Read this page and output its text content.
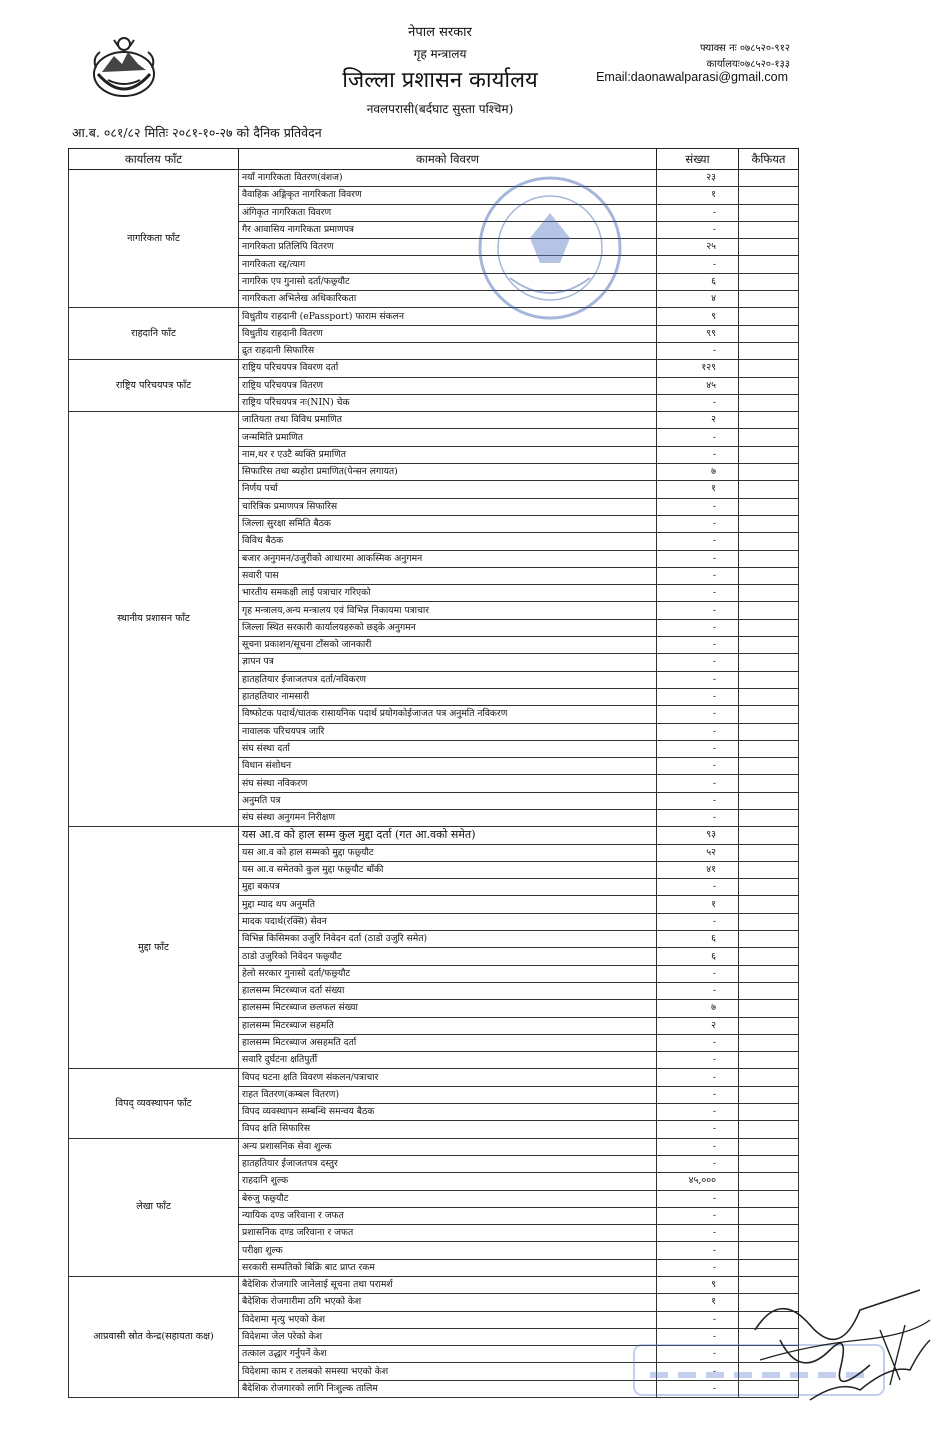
नेपाल सरकार
गृह मन्त्रालय
जिल्ला प्रशासन कार्यालय
नवलपरासी(बर्दघाट सुस्ता पश्चिम)
फ्याक्स नः ०७८५२०-९१२
कार्यालयः०७८५२०-१३३
Email:daonawalparasi@gmail.com
आ.ब. ०८१/८२ मितिः २०८१-१०-२७ को दैनिक प्रतिवेदन
कार्यालय फाँट	कामको विवरण	संख्या	कैफियत
नागरिकता फाँट	नयाँ नागरिकता वितरण(वंशज)	२३	
	वैवाहिक अङ्गिकृत नागरिकता विवरण	१	
	अंगिकृत नागरिकता विवरण	-	
	गैर आवासिय नागरिकता प्रमाणपत्र	-	
	नागरिकता प्रतिलिपि वितरण	२५	
	नागरिकता रद्द/त्याग	-	
	नागरिक एप गुनासो दर्ता/फछ्र्यौट	६	
	नागरिकता अभिलेख अधिकारिकता	४	
राहदानि फाँट	विधुतीय राहदानी (ePassport) फाराम संकलन	९	
	विधुतीय राहदानी वितरण	९९	
	द्रुत राहदानी सिफारिस	-	
राष्ट्रिय परिचयपत्र फाँट	राष्ट्रिय परिचयपत्र विवरण दर्ता	१२९	
	राष्ट्रिय परिचयपत्र वितरण	४५	
	राष्ट्रिय परिचयपत्र नः(NIN) चेक	-	
स्थानीय प्रशासन फाँट	जातियता तथा विविध प्रमाणित	२	
	जन्ममिति प्रमाणित	-	
	नाम,थर र एउटै ब्यक्ति प्रमाणित	-	
	सिफारिस तथा ब्यहोरा प्रमाणित(पेन्सन लगायत)	७	
	निर्णय पर्चा	१	
	चारित्रिक प्रमाणपत्र सिफारिस	-	
	जिल्ला सुरक्षा समिति बैठक	-	
	विविध बैठक	-	
	बजार अनुगमन/उजुरीको आधारमा आकस्मिक अनुगमन	-	
	सवारी पास	-	
	भारतीय समकक्षी लाई पत्राचार गरिएको	-	
	गृह मन्त्रालय,अन्य मन्त्रालय एवं विभिन्न निकायमा पत्राचार	-	
	जिल्ला स्थित सरकारी कार्यालयहरुको छड्के अनुगमन	-	
	सूचना प्रकाशन/सूचना टाँसको जानकारी	-	
	ज्ञापन पत्र	-	
	हातहतियार ईजाजतपत्र दर्ता/नविकरण	-	
	हातहतियार नामसारी	-	
	विष्फोटक पदार्थ/घातक रासायनिक पदार्थ प्रयोगकोईजाजत पत्र अनुमति नविकरण	-	
	नावालक परिचयपत्र जारि	-	
	संघ संस्था दर्ता	-	
	विधान संशोधन	-	
	संघ संस्था नविकरण	-	
	अनुमति पत्र	-	
	संघ संस्था अनुगमन निरीक्षण	-	
मुद्दा फाँट	यस आ.व को हाल सम्म कुल मुद्दा दर्ता (गत आ.वको समेत)	९३	
	यस आ.व को हाल सम्मको मुद्दा फछ्र्यौट	५२	
	यस आ.व समेतको कुल मुद्दा फछ्र्यौट बाँकी	४१	
	मुद्दा बकपत्र	-	
	मुद्दा म्याद थप अनुमति	१	
	मादक पदार्थ(रक्सि) सेवन	-	
	विभिन्न किसिमका उजुरि निवेदन दर्ता (ठाडो उजुरि समेत)	६	
	ठाडो उजुरिको निवेदन फछ्र्यौट	६	
	हेलो सरकार गुनासो दर्ता/फछ्र्यौट	-	
	हालसम्म मिटरब्याज दर्ता संख्या	-	
	हालसम्म मिटरब्याज छलफल संख्या	७	
	हालसम्म मिटरब्याज सहमति	२	
	हालसम्म मिटरब्याज असहमति दर्ता	-	
	सवारि दुर्घटना क्षतिपुर्ती	-	
विपद् व्यवस्थापन फाँट	विपद घटना क्षति विवरण संकलन/पत्राचार	-	
	राहत वितरण(कम्बल वितरण)	-	
	विपद व्यवस्थापन सम्बन्धि समन्वय बैठक	-	
	विपद क्षति सिफारिस	-	
लेखा फाँट	अन्य प्रशासनिक सेवा शुल्क	-	
	हातहतियार ईजाजतपत्र दस्तुर	-	
	राहदानि शुल्क	४५,०००	
	बेरुजु फछ्र्यौट	-	
	न्यायिक दण्ड जरिवाना र जफत	-	
	प्रशासनिक दण्ड जरिवाना र जफत	-	
	परीक्षा शुल्क	-	
	सरकारी सम्पतिको बिक्रि बाट प्राप्त रकम	-	
आप्रवासी स्रोत केन्द्र(सहायता कक्ष)	बैदेशिक रोजगारि जानेलाई सूचना तथा परामर्श	९	
	बैदेशिक रोजगारीमा ठगि भएको केश	१	
	विदेशमा मृत्यु भएको केश	-	
	विदेशमा जेल परेको केश	-	
	तत्काल उद्धार गर्नुपर्ने केश	-	
	विदेशमा काम र तलबको समस्या भएको केश	-	
	बैदेशिक रोजगारको लागि निःशुल्क तालिम	-	
